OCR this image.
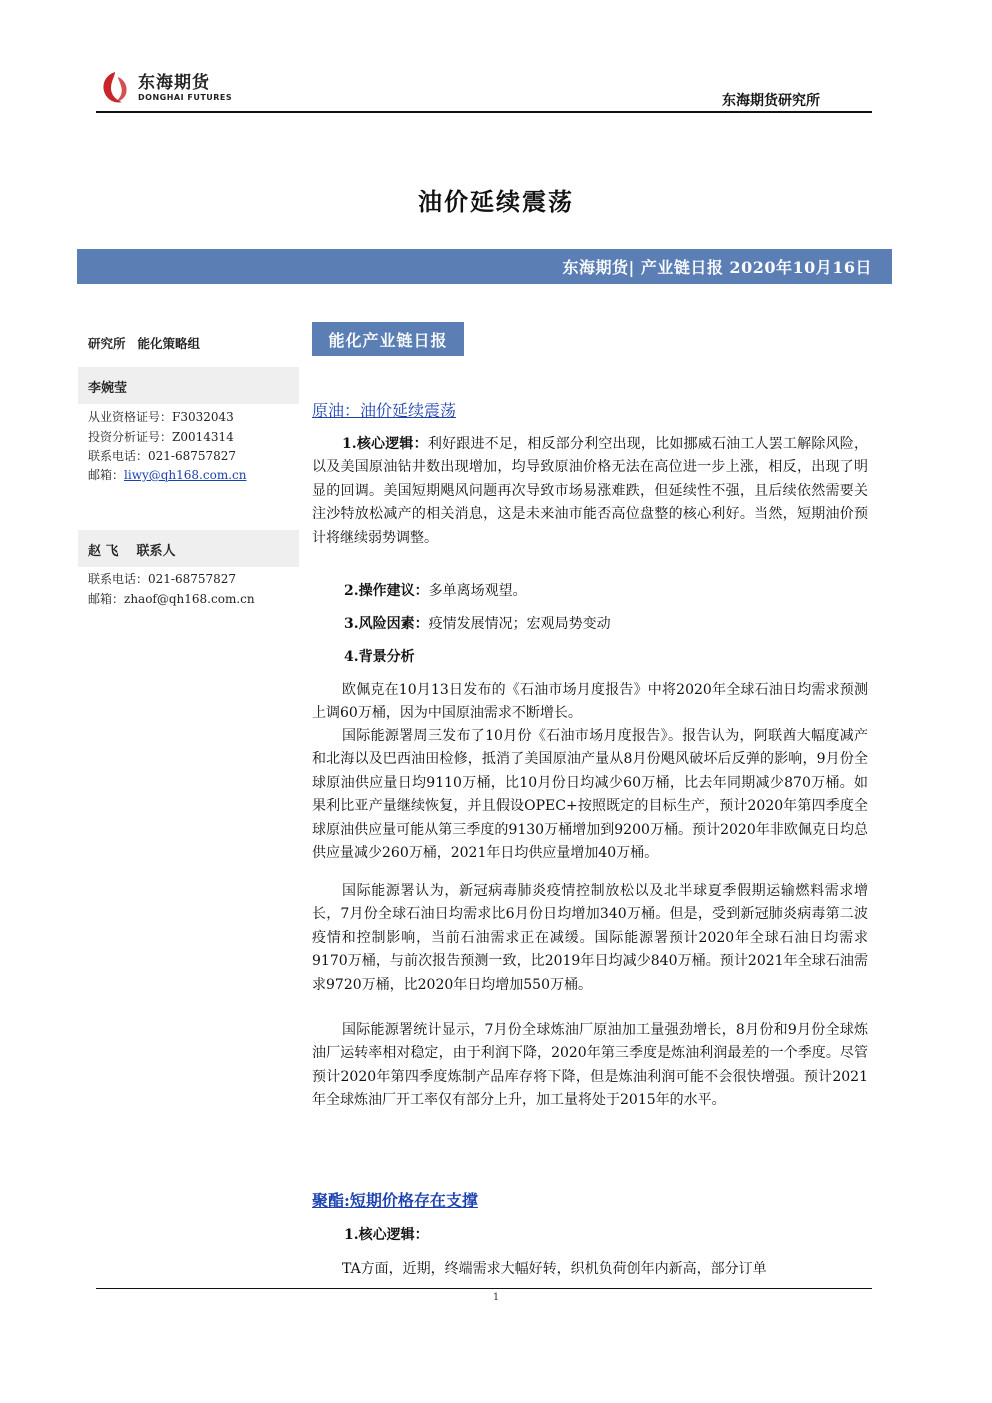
东海期货
DONGHAI FUTURES	东海期货研究所
油价延续震荡
东海期货| 产业链日报 2020年10月16日
研究所 能化策略组
李婉莹
从业资格证号：F3032043
投资分析证号：Z0014314
联系电话：021-68757827
邮箱：liwy@qh168.com.cn
赵 飞 联系人
联系电话：021-68757827
邮箱：zhaof@qh168.com.cn
能化产业链日报
原油：油价延续震荡
1.核心逻辑：利好跟进不足，相反部分利空出现，比如挪威石油工人罢工解除风险，以及美国原油钻井数出现增加，均导致原油价格无法在高位进一步上涨，相反，出现了明显的回调。美国短期飓风问题再次导致市场易涨难跌，但延续性不强，且后续依然需要关注沙特放松减产的相关消息，这是未来油市能否高位盘整的核心利好。当然，短期油价预计将继续弱势调整。
2.操作建议：多单离场观望。
3.风险因素：疫情发展情况；宏观局势变动
4.背景分析
欧佩克在10月13日发布的《石油市场月度报告》中将2020年全球石油日均需求预测上调60万桶，因为中国原油需求不断增长。
国际能源署周三发布了10月份《石油市场月度报告》。报告认为，阿联酋大幅度减产和北海以及巴西油田检修，抵消了美国原油产量从8月份飓风破坏后反弹的影响，9月份全球原油供应量日均9110万桶，比10月份日均减少60万桶，比去年同期减少870万桶。如果利比亚产量继续恢复，并且假设OPEC+按照既定的目标生产，预计2020年第四季度全球原油供应量可能从第三季度的9130万桶增加到9200万桶。预计2020年非欧佩克日均总供应量减少260万桶，2021年日均供应量增加40万桶。
国际能源署认为，新冠病毒肺炎疫情控制放松以及北半球夏季假期运输燃料需求增长，7月份全球石油日均需求比6月份日均增加340万桶。但是，受到新冠肺炎病毒第二波疫情和控制影响，当前石油需求正在减缓。国际能源署预计2020年全球石油日均需求9170万桶，与前次报告预测一致，比2019年日均减少840万桶。预计2021年全球石油需求9720万桶，比2020年日均增加550万桶。
国际能源署统计显示，7月份全球炼油厂原油加工量强劲增长，8月份和9月份全球炼油厂运转率相对稳定，由于利润下降，2020年第三季度是炼油利润最差的一个季度。尽管预计2020年第四季度炼制产品库存将下降，但是炼油利润可能不会很快增强。预计2021年全球炼油厂开工率仅有部分上升，加工量将处于2015年的水平。
聚酯:短期价格存在支撑
1.核心逻辑：
TA方面，近期，终端需求大幅好转，织机负荷创年内新高，部分订单
1
